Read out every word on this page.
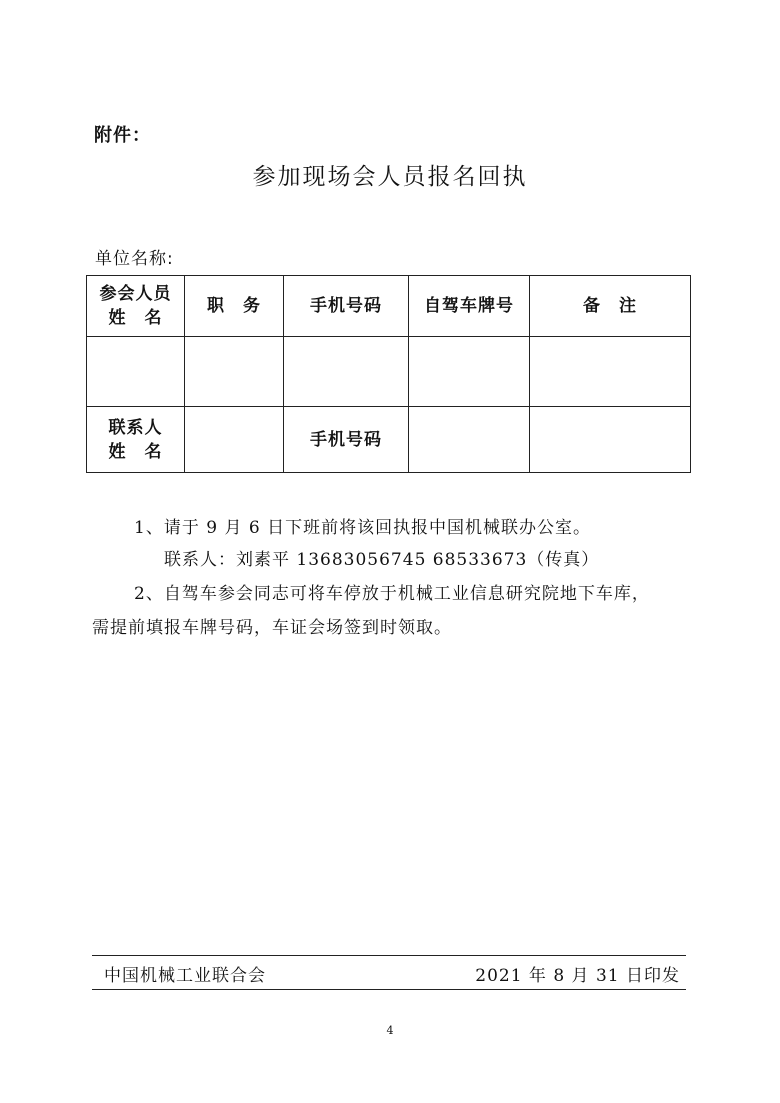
附件：
参加现场会人员报名回执
单位名称:
参会人员
姓　名	职　务	手机号码	自驾车牌号	备　注

联系人
姓　名		手机号码		
1、请于 9 月 6 日下班前将该回执报中国机械联办公室。
联系人：刘素平 13683056745 68533673（传真）
2、自驾车参会同志可将车停放于机械工业信息研究院地下车库，
需提前填报车牌号码，车证会场签到时领取。
中国机械工业联合会	2021 年 8 月 31 日印发
4
